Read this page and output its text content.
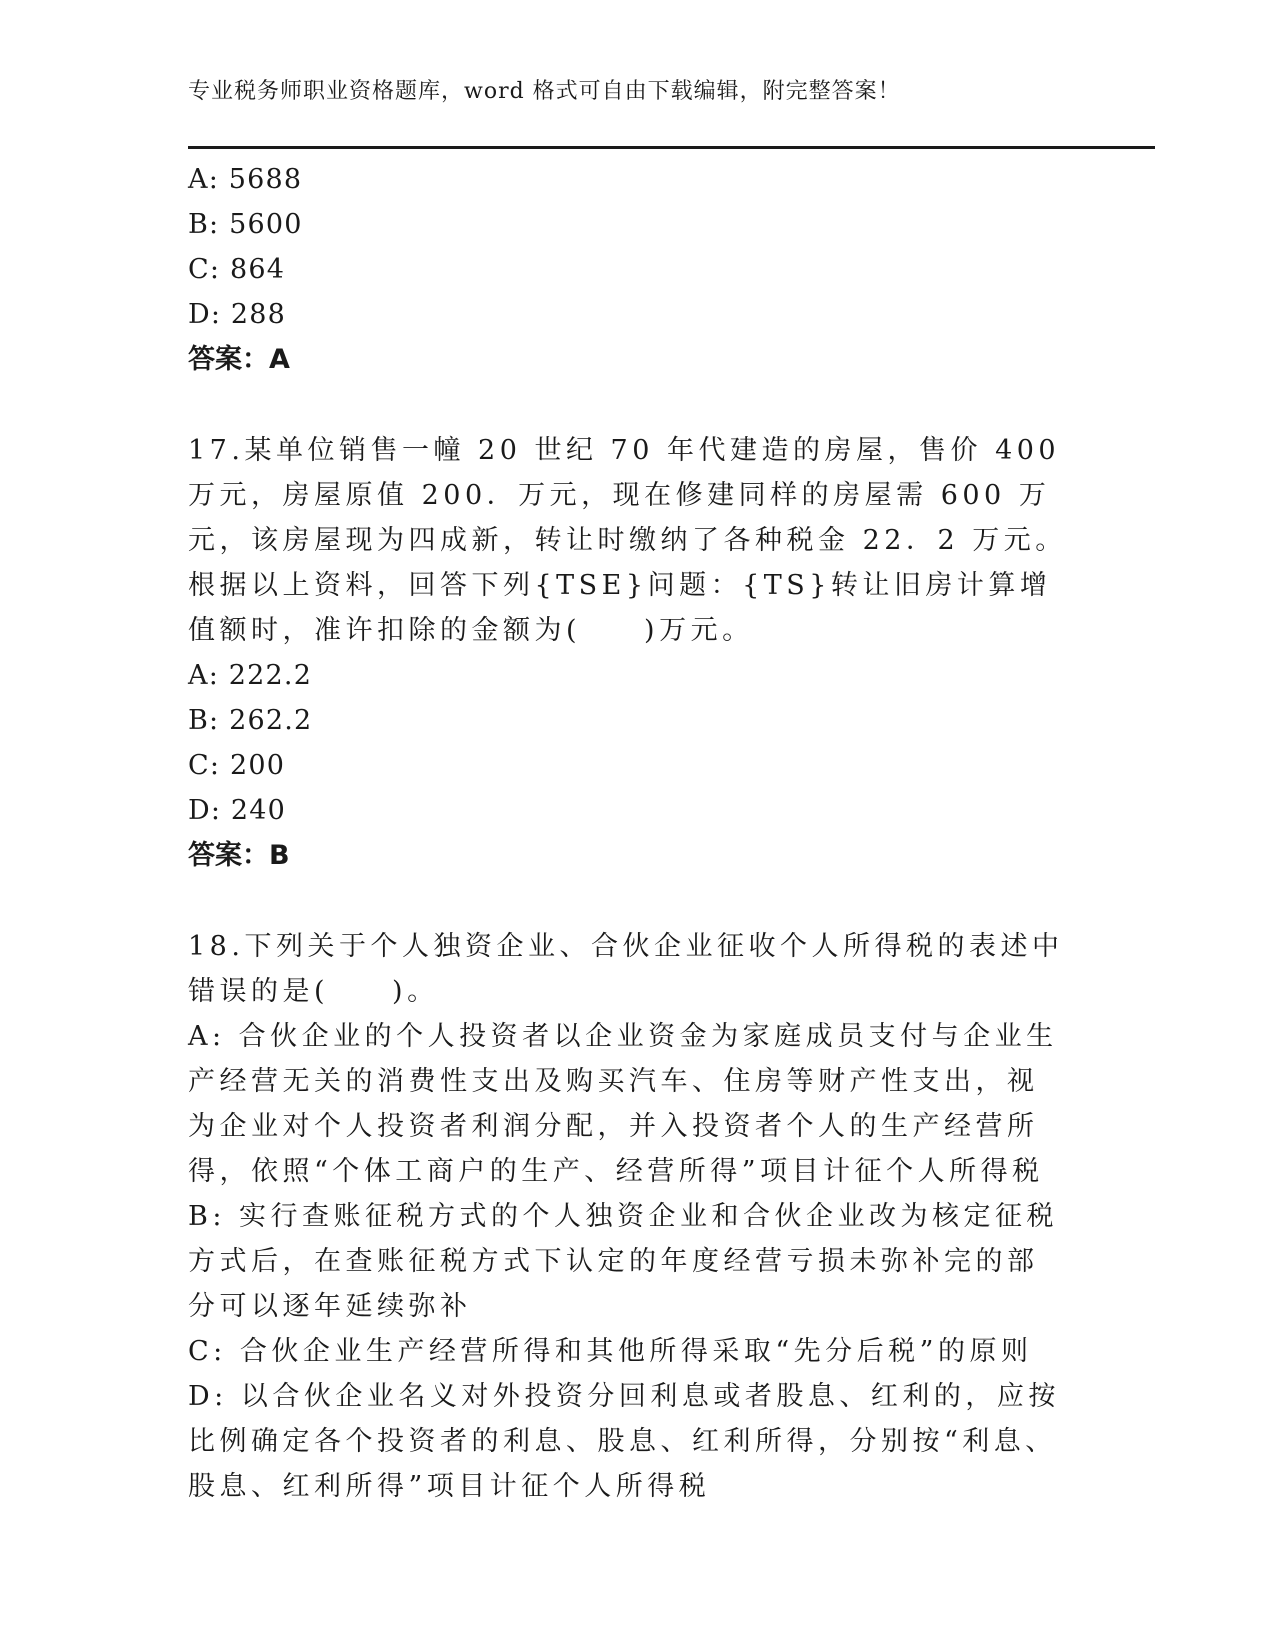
专业税务师职业资格题库，word 格式可自由下载编辑，附完整答案！
A: 5688
B: 5600
C: 864
D: 288
答案：A
17.某单位销售一幢 20 世纪 70 年代建造的房屋，售价 400 万元，房屋原值 200．万元，现在修建同样的房屋需 600 万元，该房屋现为四成新，转让时缴纳了各种税金 22．2 万元。根据以上资料，回答下列{TSE}问题：{TS}转让旧房计算增值额时，准许扣除的金额为(　　)万元。
A: 222.2
B: 262.2
C: 200
D: 240
答案：B
18.下列关于个人独资企业、合伙企业征收个人所得税的表述中错误的是(　　)。
A: 合伙企业的个人投资者以企业资金为家庭成员支付与企业生产经营无关的消费性支出及购买汽车、住房等财产性支出，视为企业对个人投资者利润分配，并入投资者个人的生产经营所得，依照“个体工商户的生产、经营所得”项目计征个人所得税
B: 实行查账征税方式的个人独资企业和合伙企业改为核定征税方式后，在查账征税方式下认定的年度经营亏损未弥补完的部分可以逐年延续弥补
C: 合伙企业生产经营所得和其他所得采取“先分后税”的原则
D: 以合伙企业名义对外投资分回利息或者股息、红利的，应按比例确定各个投资者的利息、股息、红利所得，分别按“利息、股息、红利所得”项目计征个人所得税
